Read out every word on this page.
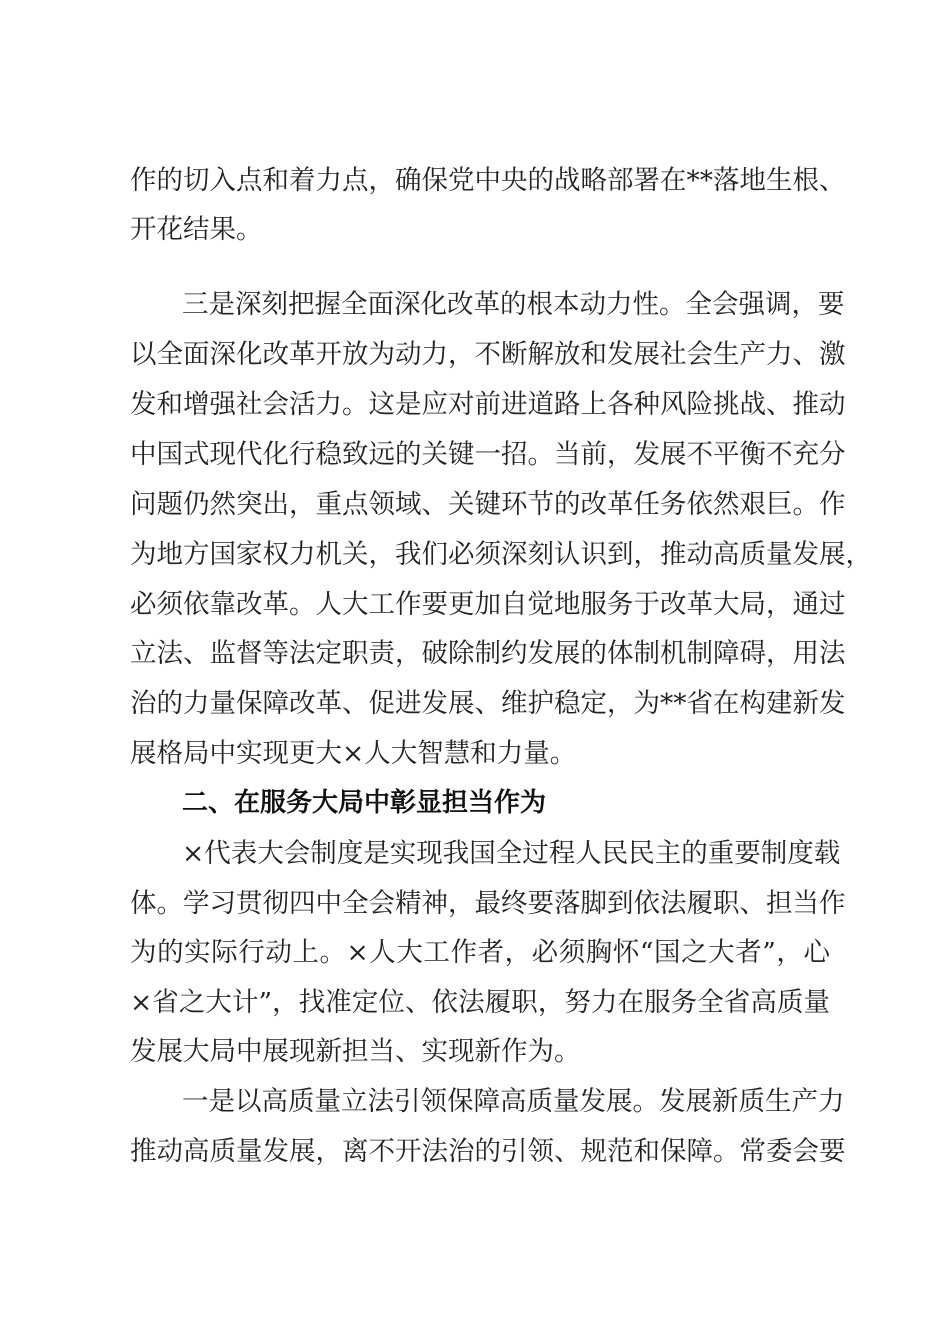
作的切入点和着力点，确保党中央的战略部署在**落地生根、
开花结果。
三是深刻把握全面深化改革的根本动力性。全会强调，要
以全面深化改革开放为动力，不断解放和发展社会生产力、激
发和增强社会活力。这是应对前进道路上各种风险挑战、推动
中国式现代化行稳致远的关键一招。当前，发展不平衡不充分
问题仍然突出，重点领域、关键环节的改革任务依然艰巨。作
为地方国家权力机关，我们必须深刻认识到，推动高质量发展，
必须依靠改革。人大工作要更加自觉地服务于改革大局，通过
立法、监督等法定职责，破除制约发展的体制机制障碍，用法
治的力量保障改革、促进发展、维护稳定，为**省在构建新发
展格局中实现更大×人大智慧和力量。
二、在服务大局中彰显担当作为
×代表大会制度是实现我国全过程人民民主的重要制度载
体。学习贯彻四中全会精神，最终要落脚到依法履职、担当作
为的实际行动上。×人大工作者，必须胸怀“国之大者”，心
×省之大计”，找准定位、依法履职，努力在服务全省高质量
发展大局中展现新担当、实现新作为。
一是以高质量立法引领保障高质量发展。发展新质生产力
推动高质量发展，离不开法治的引领、规范和保障。常委会要
